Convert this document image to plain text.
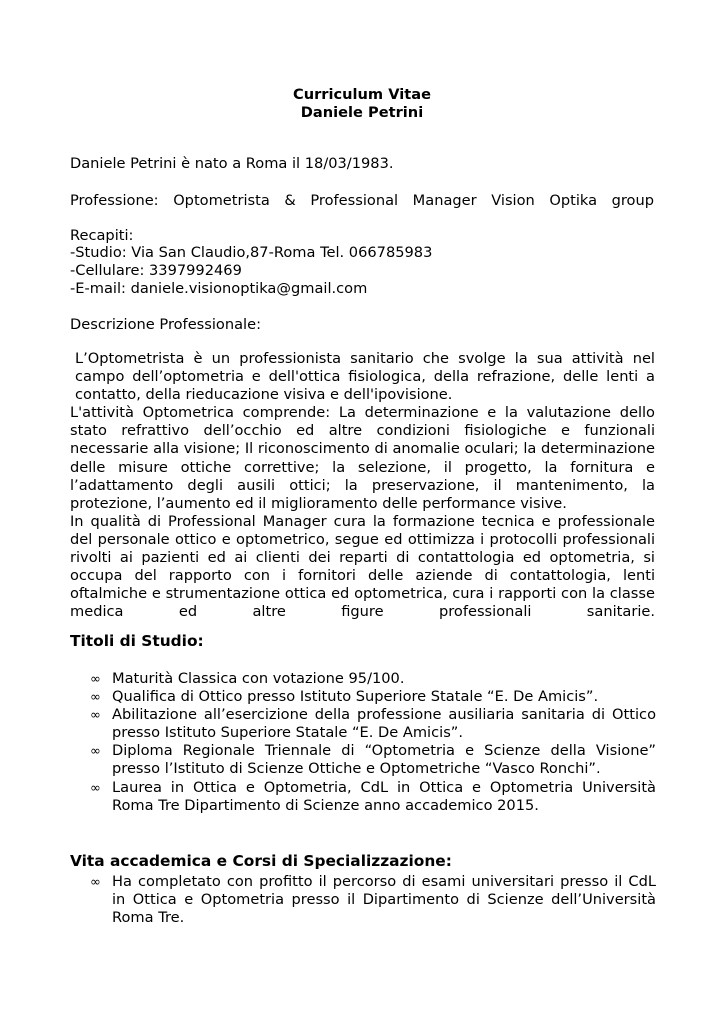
Curriculum Vitae
Daniele Petrini
Daniele Petrini è nato a Roma il 18/03/1983.
Professione: Optometrista & Professional Manager Vision Optika group
Recapiti:
-Studio: Via San Claudio,87-Roma Tel. 066785983
-Cellulare: 3397992469
-E-mail: daniele.visionoptika@gmail.com
Descrizione Professionale:

L’Optometrista è un professionista sanitario che svolge la sua attività nel campo dell’optometria e dell'ottica fisiologica, della refrazione, delle lenti a contatto, della rieducazione visiva e dell'ipovisione.

L'attività Optometrica comprende: La determinazione e la valutazione dello stato refrattivo dell’occhio ed altre condizioni fisiologiche e funzionali necessarie alla visione; Il riconoscimento di anomalie oculari; la determinazione delle misure ottiche correttive; la selezione, il progetto, la fornitura e l’adattamento degli ausili ottici; la preservazione, il mantenimento, la protezione, l’aumento ed il miglioramento delle performance visive.

In qualità di Professional Manager cura la formazione tecnica e professionale del personale ottico e optometrico, segue ed ottimizza i protocolli professionali rivolti ai pazienti ed ai clienti dei reparti di contattologia ed optometria, si occupa del rapporto con i fornitori delle aziende di contattologia, lenti oftalmiche e strumentazione ottica ed optometrica, cura i rapporti con la classe medica ed altre figure professionali sanitarie.

Titoli di Studio:
∞ Maturità Classica con votazione 95/100.
∞ Qualifica di Ottico presso Istituto Superiore Statale “E. De Amicis”.
∞ Abilitazione all’esercizione della professione ausiliaria sanitaria di Ottico presso Istituto Superiore Statale “E. De Amicis”.
∞ Diploma Regionale Triennale di “Optometria e Scienze della Visione” presso l’Istituto di Scienze Ottiche e Optometriche “Vasco Ronchi”.
∞ Laurea in Ottica e Optometria, CdL in Ottica e Optometria Università Roma Tre Dipartimento di Scienze anno accademico 2015.
Vita accademica e Corsi di Specializzazione:
∞ Ha completato con profitto il percorso di esami universitari presso il CdL in Ottica e Optometria presso il Dipartimento di Scienze dell’Università Roma Tre.
